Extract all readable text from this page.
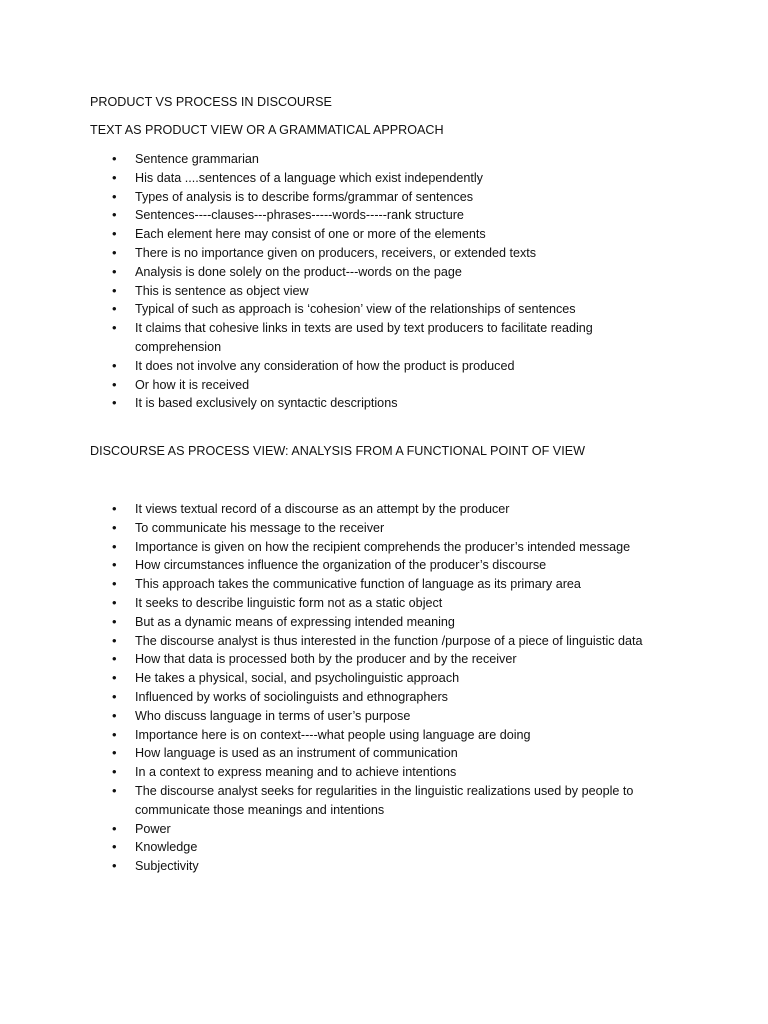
PRODUCT VS PROCESS IN DISCOURSE
TEXT AS PRODUCT VIEW OR A GRAMMATICAL APPROACH
• Sentence grammarian
• His data ....sentences of a language which exist independently
• Types of analysis is to describe forms/grammar of sentences
• Sentences----clauses---phrases-----words-----rank structure
• Each element here may consist of one or more of the elements
• There is no importance given on producers, receivers, or extended texts
• Analysis is done solely on the product---words on the page
• This is sentence as object view
• Typical of such as approach is ‘cohesion’ view of the relationships of sentences
• It claims that cohesive links in texts are used by text producers to facilitate reading comprehension
• It does not involve any consideration of how the product is produced
• Or how it is received
• It is based exclusively on syntactic descriptions
DISCOURSE AS PROCESS VIEW: ANALYSIS FROM A FUNCTIONAL POINT OF VIEW
• It views textual record of a discourse as an attempt by the producer
• To communicate his message to the receiver
• Importance is given on how the recipient comprehends the producer’s intended message
• How circumstances influence the organization of the producer’s discourse
• This approach takes the communicative function of language as its primary area
• It seeks to describe linguistic form not as a static object
• But as a dynamic means of expressing intended meaning
• The discourse analyst is thus interested in the function /purpose of a piece of linguistic data
• How that data is processed both by the producer and by the receiver
• He takes a physical, social, and psycholinguistic approach
• Influenced by works of sociolinguists and ethnographers
• Who discuss language in terms of user’s purpose
• Importance here is on context----what people using language are doing
• How language is used as an instrument of communication
• In a context to express meaning and to achieve intentions
• The discourse analyst seeks for regularities in the linguistic realizations used by people to communicate those meanings and intentions
• Power
• Knowledge
• Subjectivity
